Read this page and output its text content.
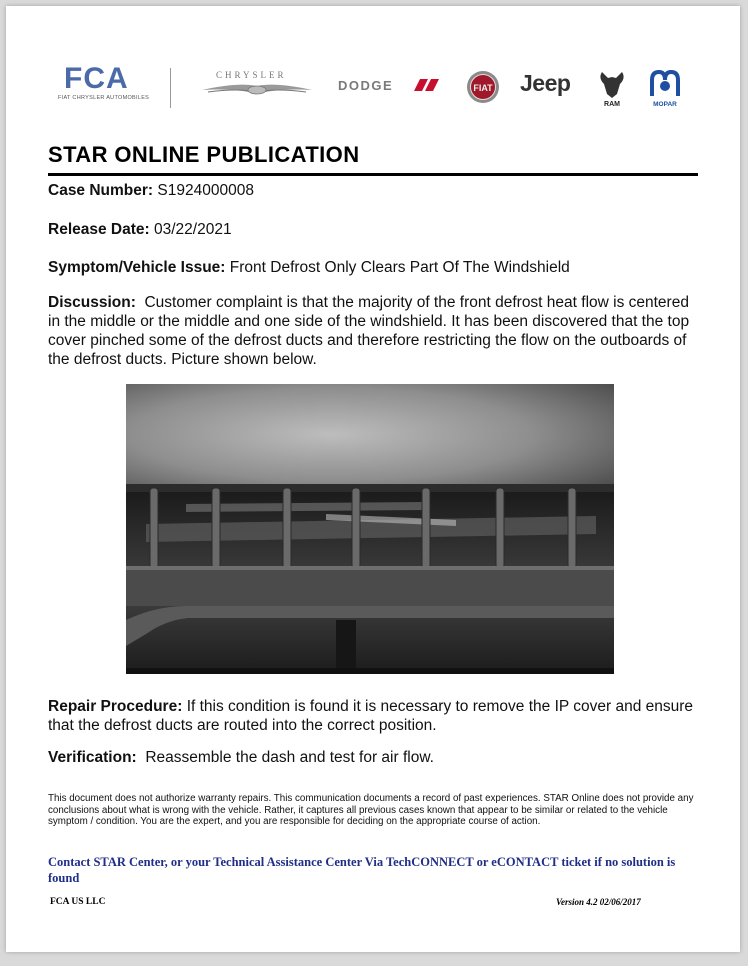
FCA
FIAT CHRYSLER AUTOMOBILES
CHRYSLER
DODGE	FIAT Jeep
RAM	MOPAR
STAR ONLINE PUBLICATION
Case Number: S1924000008
Release Date: 03/22/2021
Symptom/Vehicle Issue: Front Defrost Only Clears Part Of The Windshield
Discussion: Customer complaint is that the majority of the front defrost heat flow is centered in the middle or the middle and one side of the windshield. It has been discovered that the top cover pinched some of the defrost ducts and therefore restricting the flow on the outboards of the defrost ducts. Picture shown below.
Repair Procedure: If this condition is found it is necessary to remove the IP cover and ensure that the defrost ducts are routed into the correct position.
Verification: Reassemble the dash and test for air flow.
This document does not authorize warranty repairs. This communication documents a record of past experiences. STAR Online does not provide any conclusions about what is wrong with the vehicle. Rather, it captures all previous cases known that appear to be similar or related to the vehicle symptom / condition. You are the expert, and you are responsible for deciding on the appropriate course of action.
Contact STAR Center, or your Technical Assistance Center Via TechCONNECT or eCONTACT ticket if no solution is found
FCA US LLC	Version 4.2 02/06/2017
